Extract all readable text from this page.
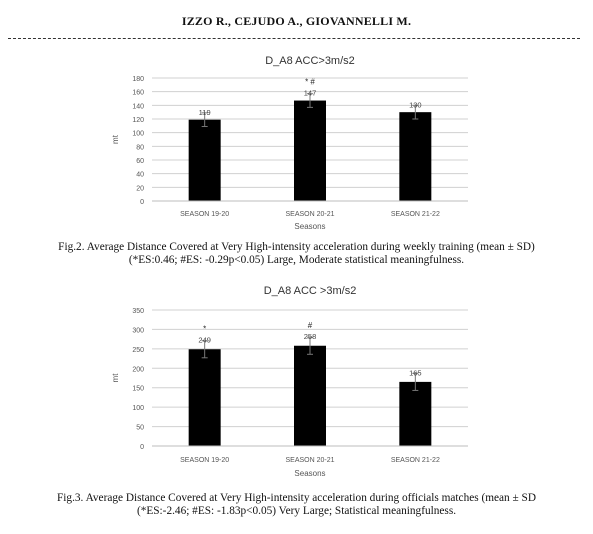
IZZO R., CEJUDO A., GIOVANNELLI M.
D_A8 ACC>3m/s2
0
20
40
60
80
100
120
140
160
180
mt
119
SEASON 19-20
147
* #
SEASON 20-21
130
SEASON 21-22
Seasons
Fig.2. Average Distance Covered at Very High-intensity acceleration during weekly training (mean ± SD)
(*ES:0.46; #ES: -0.29p<0.05) Large, Moderate statistical meaningfulness.
D_A8 ACC >3m/s2
0
50
100
150
200
250
300
350
mt
249
*
SEASON 19-20
258
#
SEASON 20-21
165
SEASON 21-22
Seasons
Fig.3. Average Distance Covered at Very High-intensity acceleration during officials matches (mean ± SD
(*ES:-2.46; #ES: -1.83p<0.05) Very Large; Statistical meaningfulness.
